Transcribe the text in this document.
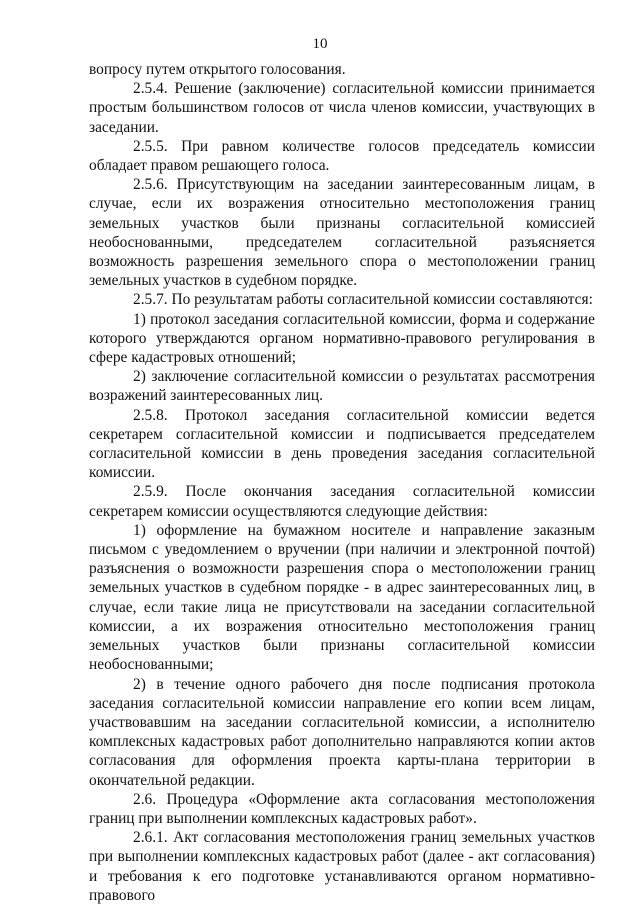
10

вопросу путем открытого голосования.

2.5.4. Решение (заключение) согласительной комиссии принимается простым большинством голосов от числа членов комиссии, участвующих в заседании.

2.5.5. При равном количестве голосов председатель комиссии обладает правом решающего голоса.

2.5.6. Присутствующим на заседании заинтересованным лицам, в случае, если их возражения относительно местоположения границ земельных участков были признаны согласительной комиссией необоснованными, председателем согласительной разъясняется возможность разрешения земельного спора о местоположении границ земельных участков в судебном порядке.

2.5.7. По результатам работы согласительной комиссии составляются:

1) протокол заседания согласительной комиссии, форма и содержание которого утверждаются органом нормативно-правового регулирования в сфере кадастровых отношений;

2) заключение согласительной комиссии о результатах рассмотрения возражений заинтересованных лиц.

2.5.8. Протокол заседания согласительной комиссии ведется секретарем согласительной комиссии и подписывается председателем согласительной комиссии в день проведения заседания согласительной комиссии.

2.5.9. После окончания заседания согласительной комиссии секретарем комиссии осуществляются следующие действия:

1) оформление на бумажном носителе и направление заказным письмом с уведомлением о вручении (при наличии и электронной почтой) разъяснения о возможности разрешения спора о местоположении границ земельных участков в судебном порядке - в адрес заинтересованных лиц, в случае, если такие лица не присутствовали на заседании согласительной комиссии, а их возражения относительно местоположения границ земельных участков были признаны согласительной комиссии необоснованными;

2) в течение одного рабочего дня после подписания протокола заседания согласительной комиссии направление его копии всем лицам, участвовавшим на заседании согласительной комиссии, а исполнителю комплексных кадастровых работ дополнительно направляются копии актов согласования для оформления проекта карты-плана территории в окончательной редакции.

2.6. Процедура «Оформление акта согласования местоположения границ при выполнении комплексных кадастровых работ».

2.6.1. Акт согласования местоположения границ земельных участков при выполнении комплексных кадастровых работ (далее - акт согласования) и требования к его подготовке устанавливаются органом нормативно-правового
